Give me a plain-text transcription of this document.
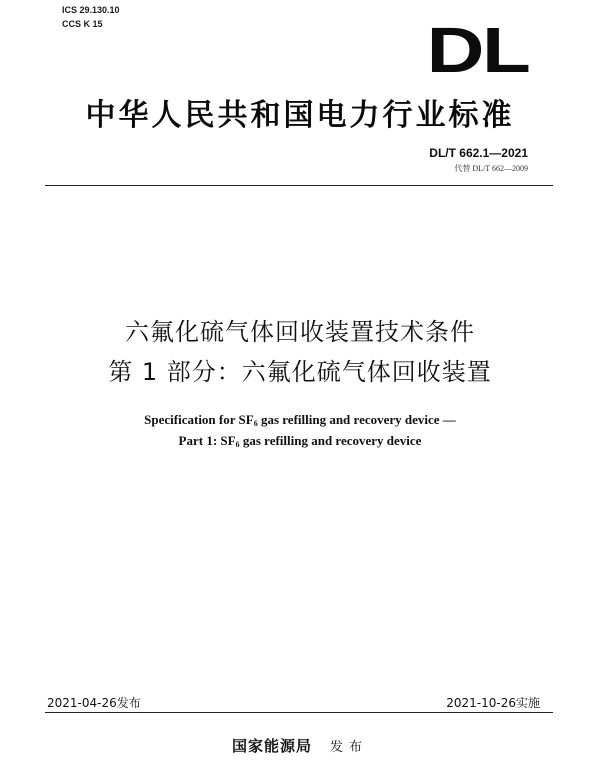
ICS 29.130.10
CCS K 15	DL
中华人民共和国电力行业标准
DL/T 662.1—2021
代替 DL/T 662—2009
六氟化硫气体回收装置技术条件
第 1 部分：六氟化硫气体回收装置
Specification for $SF_6$ gas refilling and recovery device —
Part 1: $SF_6$ gas refilling and recovery device
2021-04-26发布	2021-10-26实施
国家能源局 发布
